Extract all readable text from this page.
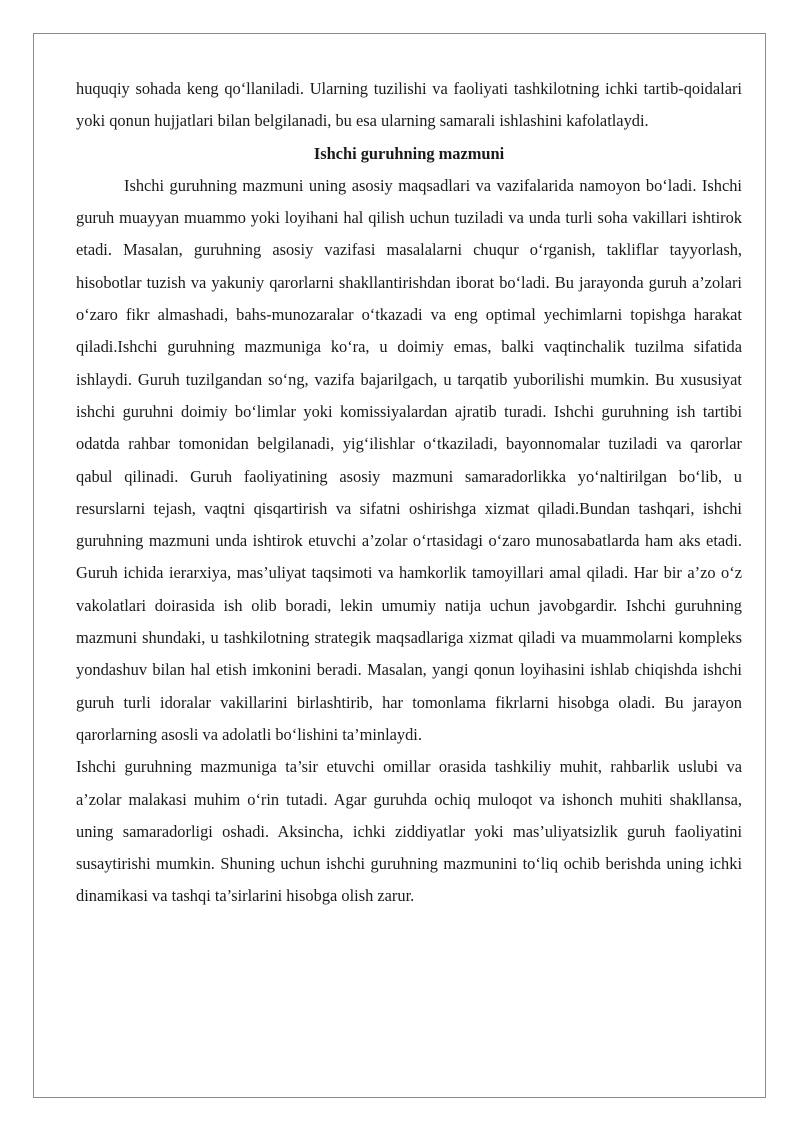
huquqiy sohada keng qo‘llaniladi. Ularning tuzilishi va faoliyati tashkilotning ichki tartib-qoidalari yoki qonun hujjatlari bilan belgilanadi, bu esa ularning samarali ishlashini kafolatlaydi.

Ishchi guruhning mazmuni

Ishchi guruhning mazmuni uning asosiy maqsadlari va vazifalarida namoyon bo‘ladi. Ishchi guruh muayyan muammo yoki loyihani hal qilish uchun tuziladi va unda turli soha vakillari ishtirok etadi. Masalan, guruhning asosiy vazifasi masalalarni chuqur o‘rganish, takliflar tayyorlash, hisobotlar tuzish va yakuniy qarorlarni shakllantirishdan iborat bo‘ladi. Bu jarayonda guruh a’zolari o‘zaro fikr almashadi, bahs-munozaralar o‘tkazadi va eng optimal yechimlarni topishga harakat qiladi.Ishchi guruhning mazmuniga ko‘ra, u doimiy emas, balki vaqtinchalik tuzilma sifatida ishlaydi. Guruh tuzilgandan so‘ng, vazifa bajarilgach, u tarqatib yuborilishi mumkin. Bu xususiyat ishchi guruhni doimiy bo‘limlar yoki komissiyalardan ajratib turadi. Ishchi guruhning ish tartibi odatda rahbar tomonidan belgilanadi, yig‘ilishlar o‘tkaziladi, bayonnomalar tuziladi va qarorlar qabul qilinadi. Guruh faoliyatining asosiy mazmuni samaradorlikka yo‘naltirilgan bo‘lib, u resurslarni tejash, vaqtni qisqartirish va sifatni oshirishga xizmat qiladi.Bundan tashqari, ishchi guruhning mazmuni unda ishtirok etuvchi a’zolar o‘rtasidagi o‘zaro munosabatlarda ham aks etadi. Guruh ichida ierarxiya, mas’uliyat taqsimoti va hamkorlik tamoyillari amal qiladi. Har bir a’zo o‘z vakolatlari doirasida ish olib boradi, lekin umumiy natija uchun javobgardir. Ishchi guruhning mazmuni shundaki, u tashkilotning strategik maqsadlariga xizmat qiladi va muammolarni kompleks yondashuv bilan hal etish imkonini beradi. Masalan, yangi qonun loyihasini ishlab chiqishda ishchi guruh turli idoralar vakillarini birlashtirib, har tomonlama fikrlarni hisobga oladi. Bu jarayon qarorlarning asosli va adolatli bo‘lishini ta’minlaydi.

Ishchi guruhning mazmuniga ta’sir etuvchi omillar orasida tashkiliy muhit, rahbarlik uslubi va a’zolar malakasi muhim o‘rin tutadi. Agar guruhda ochiq muloqot va ishonch muhiti shakllansa, uning samaradorligi oshadi. Aksincha, ichki ziddiyatlar yoki mas’uliyatsizlik guruh faoliyatini susaytirishi mumkin. Shuning uchun ishchi guruhning mazmunini to‘liq ochib berishda uning ichki dinamikasi va tashqi ta’sirlarini hisobga olish zarur.
